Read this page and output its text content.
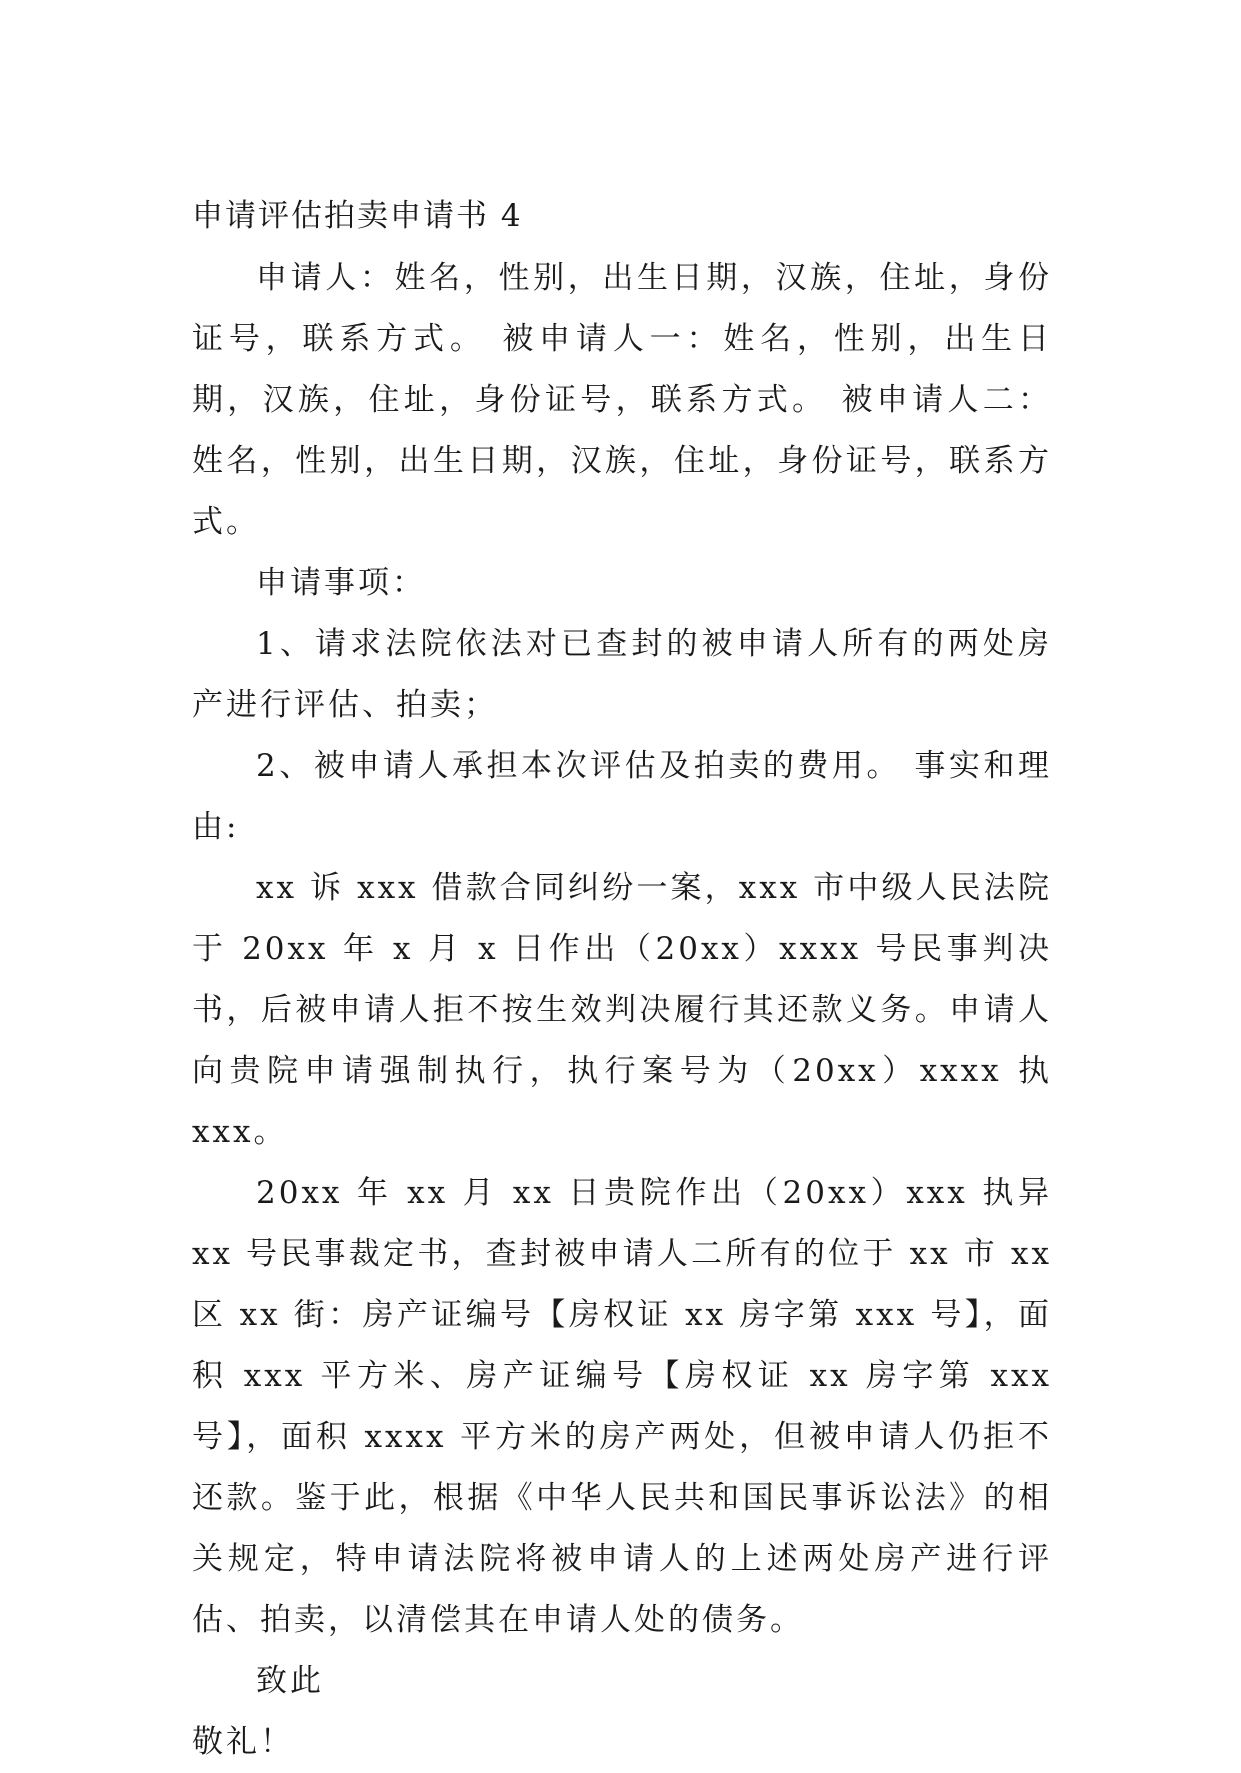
申请评估拍卖申请书 4

申请人：姓名，性别，出生日期，汉族，住址，身份证号，联系方式。 被申请人一：姓名，性别，出生日期，汉族，住址，身份证号，联系方式。 被申请人二：姓名，性别，出生日期，汉族，住址，身份证号，联系方式。

申请事项：

1、请求法院依法对已查封的被申请人所有的两处房产进行评估、拍卖；

2、被申请人承担本次评估及拍卖的费用。 事实和理由:

xx 诉 xxx 借款合同纠纷一案，xxx 市中级人民法院于 20xx 年 x 月 x 日作出（20xx）xxxx 号民事判决书，后被申请人拒不按生效判决履行其还款义务。申请人向贵院申请强制执行，执行案号为（20xx）xxxx 执 xxx。

20xx 年 xx 月 xx 日贵院作出（20xx）xxx 执异 xx 号民事裁定书，查封被申请人二所有的位于 xx 市 xx 区 xx 街：房产证编号【房权证 xx 房字第 xxx 号】，面积 xxx 平方米、房产证编号【房权证 xx 房字第 xxx 号】，面积 xxxx 平方米的房产两处，但被申请人仍拒不还款。鉴于此，根据《中华人民共和国民事诉讼法》的相关规定，特申请法院将被申请人的上述两处房产进行评估、拍卖，以清偿其在申请人处的债务。

致此

敬礼！
